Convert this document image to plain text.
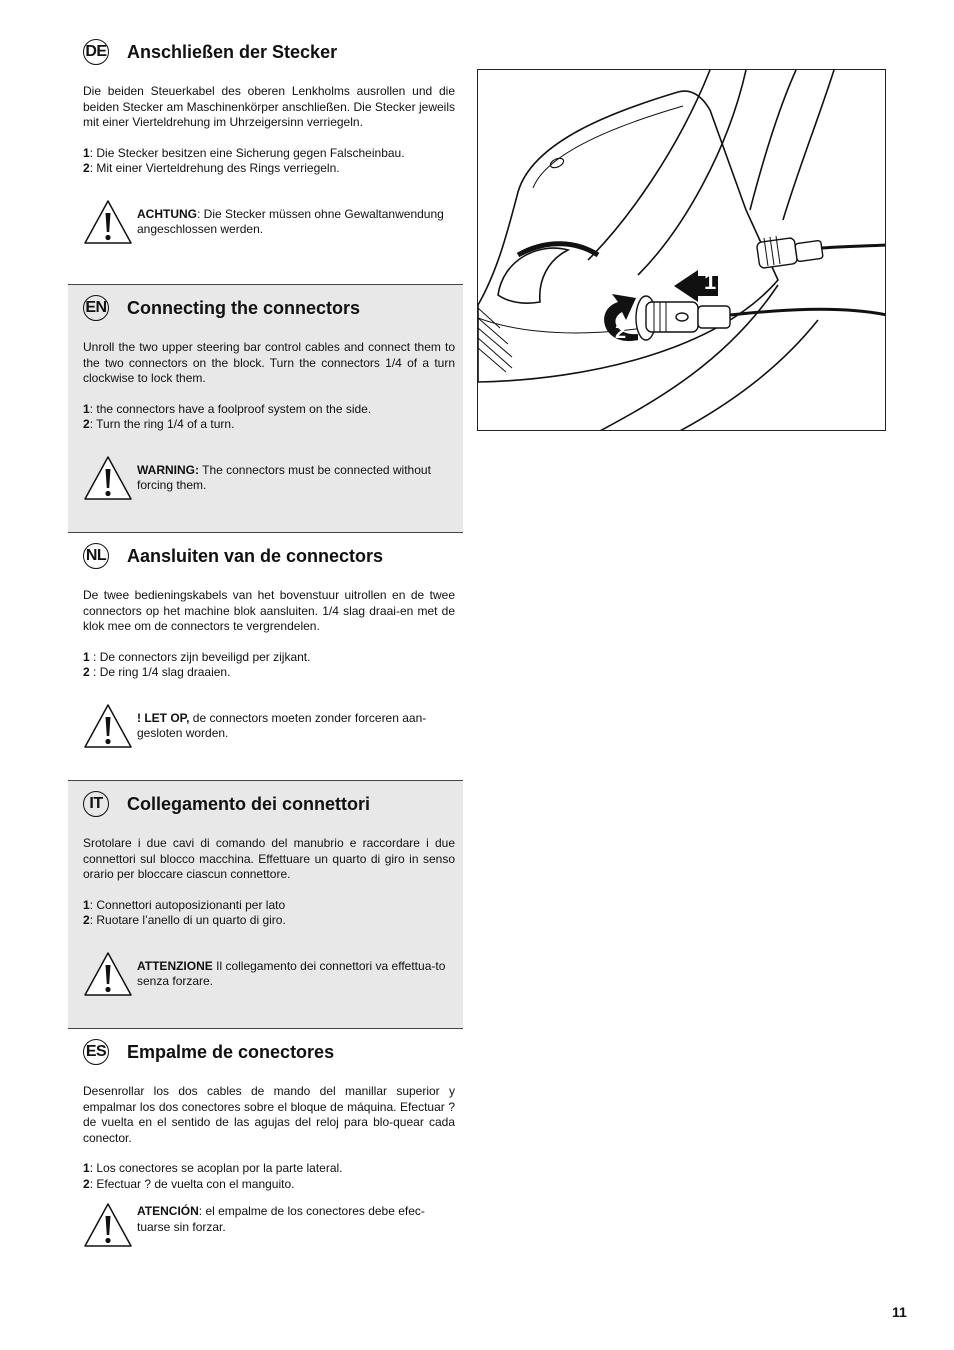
DE Anschließen der Stecker
Die beiden Steuerkabel des oberen Lenkholms ausrollen und die beiden Stecker am Maschinenkörper anschließen. Die Stecker jeweils mit einer Vierteldrehung im Uhrzeigersinn verriegeln.
1: Die Stecker besitzen eine Sicherung gegen Falscheinbau.
2: Mit einer Vierteldrehung des Rings verriegeln.
ACHTUNG: Die Stecker müssen ohne Gewaltanwendung angeschlossen werden.
EN Connecting the connectors
Unroll the two upper steering bar control cables and connect them to the two connectors on the block. Turn the connectors 1/4 of a turn clockwise to lock them.
1: the connectors have a foolproof system on the side.
2: Turn the ring 1/4 of a turn.
WARNING: The connectors must be connected without forcing them.
NL Aansluiten van de connectors
De twee bedieningskabels van het bovenstuur uitrollen en de twee connectors op het machine blok aansluiten. 1/4 slag draai-en met de klok mee om de connectors te vergrendelen.
1 : De connectors zijn beveiligd per zijkant.
2 : De ring 1/4 slag draaien.
! LET OP, de connectors moeten zonder forceren aan-gesloten worden.
IT	Collegamento dei connettori
Srotolare i due cavi di comando del manubrio e raccordare i due connettori sul blocco macchina. Effettuare un quarto di giro in senso orario per bloccare ciascun connettore.
1: Connettori autoposizionanti per lato
2: Ruotare l’anello di un quarto di giro.
ATTENZIONE Il collegamento dei connettori va effettua-to senza forzare.
ES Empalme de conectores
Desenrollar los dos cables de mando del manillar superior y empalmar los dos conectores sobre el bloque de máquina. Efectuar ? de vuelta en el sentido de las agujas del reloj para blo-quear cada conector.
1: Los conectores se acoplan por la parte lateral.
2: Efectuar ? de vuelta con el manguito.
ATENCIÓN: el empalme de los conectores debe efec-tuarse sin forzar.
1
2
11
